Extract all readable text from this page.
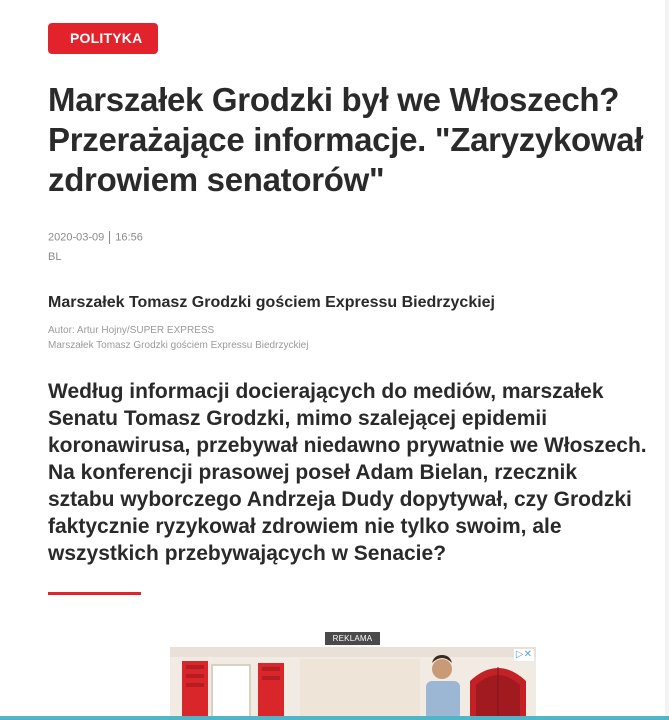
POLITYKA
Marszałek Grodzki był we Włoszech? Przerażające informacje. "Zaryzykował zdrowiem senatorów"
2020-03-09 16:56
BL
Marszałek Tomasz Grodzki gościem Expressu Biedrzyckiej
Autor: Artur Hojny/SUPER EXPRESS
Marszałek Tomasz Grodzki gościem Expressu Biedrzyckiej

Według informacji docierających do mediów, marszałek Senatu Tomasz Grodzki, mimo szalejącej epidemii koronawirusa, przebywał niedawno prywatnie we Włoszech. Na konferencji prasowej poseł Adam Bielan, rzecznik sztabu wyborczego Andrzeja Dudy dopytywał, czy Grodzki faktycznie ryzykował zdrowiem nie tylko swoim, ale wszystkich przebywających w Senacie?

REKLAMA
▷✕
